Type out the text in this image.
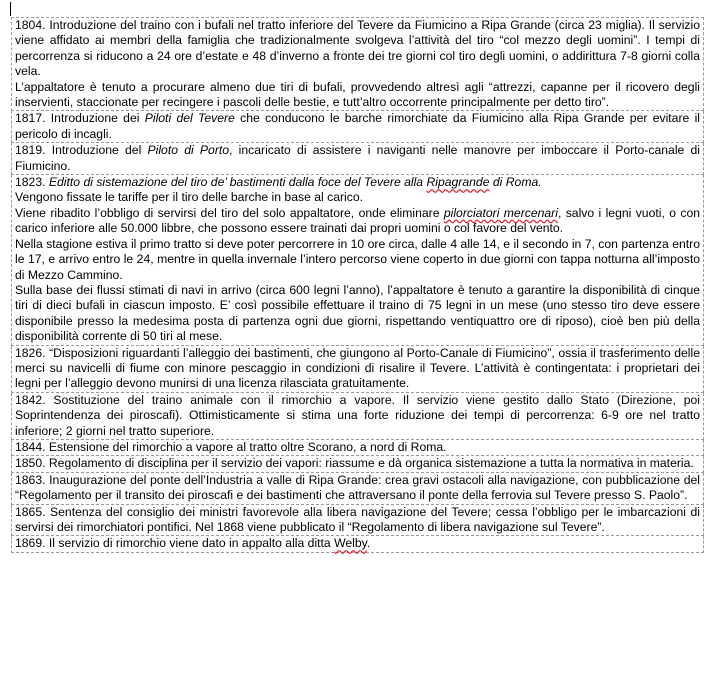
1804. Introduzione del traino con i bufali nel tratto inferiore del Tevere da Fiumicino a Ripa Grande (circa 23 miglia). Il servizio viene affidato ai membri della famiglia che tradizionalmente svolgeva l’attività del tiro “col mezzo degli uomini”. I tempi di percorrenza si riducono a 24 ore d’estate e 48 d’inverno a fronte dei tre giorni col tiro degli uomini, o addirittura 7-8 giorni colla vela.

L’appaltatore è tenuto a procurare almeno due tiri di bufali, provvedendo altresì agli “attrezzi, capanne per il ricovero degli inservienti, staccionate per recingere i pascoli delle bestie, e tutt’altro occorrente principalmente per detto tiro”.

1817. Introduzione dei Piloti del Tevere che conducono le barche rimorchiate da Fiumicino alla Ripa Grande per evitare il pericolo di incagli.

1819. Introduzione del Piloto di Porto, incaricato di assistere i naviganti nelle manovre per imboccare il Porto-canale di Fiumicino.

1823. Editto di sistemazione del tiro de’ bastimenti dalla foce del Tevere alla Ripagrande di Roma.

Vengono fissate le tariffe per il tiro delle barche in base al carico.

Viene ribadito l’obbligo di servirsi del tiro del solo appaltatore, onde eliminare pilorciatori mercenari, salvo i legni vuoti, o con carico inferiore alle 50.000 libbre, che possono essere trainati dai propri uomini o col favore del vento.

Nella stagione estiva il primo tratto si deve poter percorrere in 10 ore circa, dalle 4 alle 14, e il secondo in 7, con partenza entro le 17, e arrivo entro le 24, mentre in quella invernale l’intero percorso viene coperto in due giorni con tappa notturna all’imposto di Mezzo Cammino.

Sulla base dei flussi stimati di navi in arrivo (circa 600 legni l’anno), l’appaltatore è tenuto a garantire la disponibilità di cinque tiri di dieci bufali in ciascun imposto. E’ così possibile effettuare il traino di 75 legni in un mese (uno stesso tiro deve essere disponibile presso la medesima posta di partenza ogni due giorni, rispettando ventiquattro ore di riposo), cioè ben più della disponibilità corrente di 50 tiri al mese.

1826. “Disposizioni riguardanti l’alleggio dei bastimenti, che giungono al Porto-Canale di Fiumicino”, ossia il trasferimento delle merci su navicelli di fiume con minore pescaggio in condizioni di risalire il Tevere. L’attività è contingentata: i proprietari dei legni per l’alleggio devono munirsi di una licenza rilasciata gratuitamente.

1842. Sostituzione del traino animale con il rimorchio a vapore. Il servizio viene gestito dallo Stato (Direzione, poi Soprintendenza dei piroscafi). Ottimisticamente si stima una forte riduzione dei tempi di percorrenza: 6-9 ore nel tratto inferiore; 2 giorni nel tratto superiore.

1844. Estensione del rimorchio a vapore al tratto oltre Scorano, a nord di Roma.

1850. Regolamento di disciplina per il servizio dei vapori: riassume e dà organica sistemazione a tutta la normativa in materia.

1863. Inaugurazione del ponte dell’Industria a valle di Ripa Grande: crea gravi ostacoli alla navigazione, con pubblicazione del “Regolamento per il transito dei piroscafi e dei bastimenti che attraversano il ponte della ferrovia sul Tevere presso S. Paolo”.

1865. Sentenza del consiglio dei ministri favorevole alla libera navigazione del Tevere; cessa l’obbligo per le imbarcazioni di servirsi dei rimorchiatori pontifici. Nel 1868 viene pubblicato il “Regolamento di libera navigazione sul Tevere”.

1869. Il servizio di rimorchio viene dato in appalto alla ditta Welby.
